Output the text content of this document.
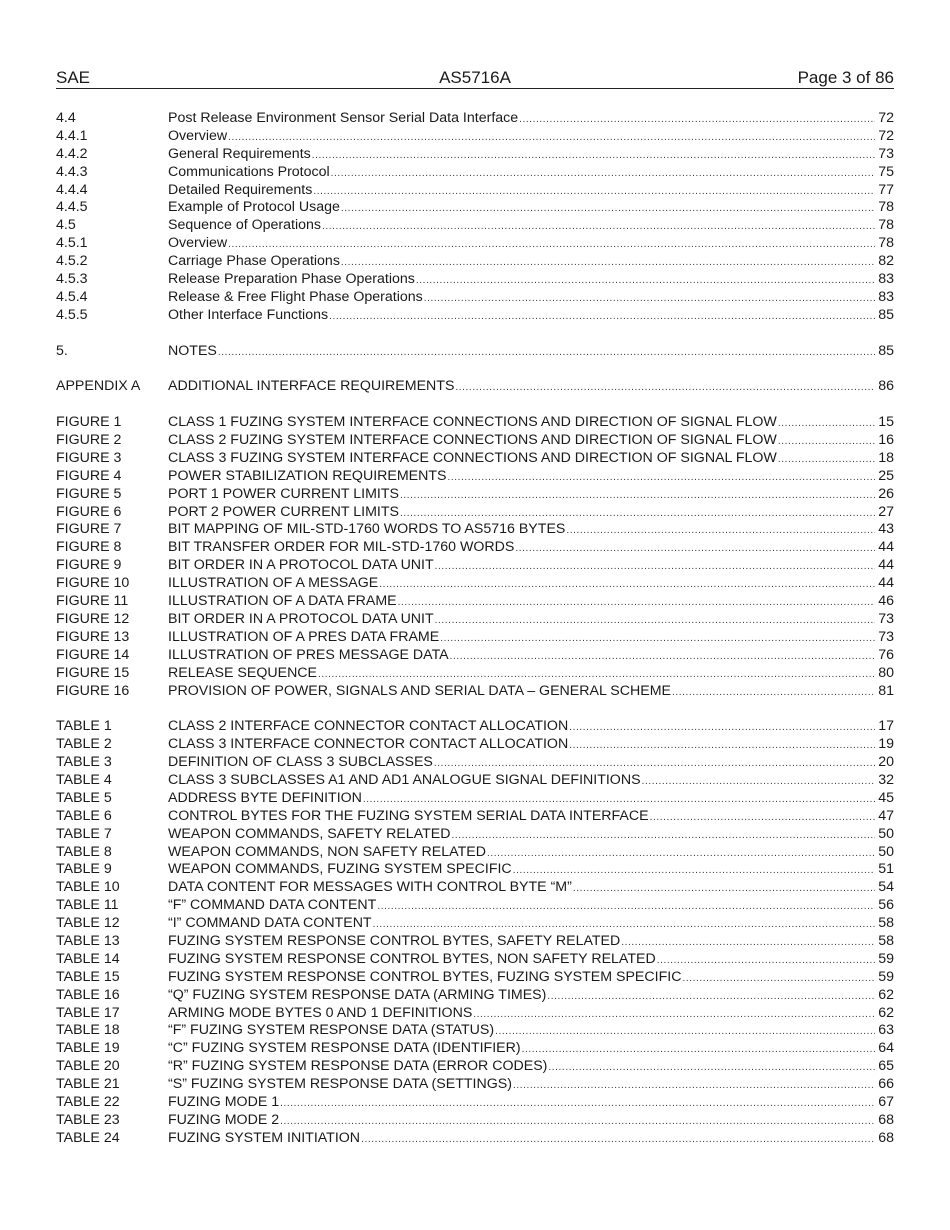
SAE	AS5716A	Page 3 of 86
4.4	Post Release Environment Sensor Serial Data Interface .....	72
4.4.1	Overview .....	72
4.4.2	General Requirements .....	73
4.4.3	Communications Protocol .....	75
4.4.4	Detailed Requirements .....	77
4.4.5	Example of Protocol Usage .....	78
4.5	Sequence of Operations .....	78
4.5.1	Overview .....	78
4.5.2	Carriage Phase Operations .....	82
4.5.3	Release Preparation Phase Operations .....	83
4.5.4	Release & Free Flight Phase Operations .....	83
4.5.5	Other Interface Functions .....	85
5.	NOTES .....	85
APPENDIX A	ADDITIONAL INTERFACE REQUIREMENTS .....	86
FIGURE 1	CLASS 1 FUZING SYSTEM INTERFACE CONNECTIONS AND DIRECTION OF SIGNAL FLOW .....	15
FIGURE 2	CLASS 2 FUZING SYSTEM INTERFACE CONNECTIONS AND DIRECTION OF SIGNAL FLOW .....	16
FIGURE 3	CLASS 3 FUZING SYSTEM INTERFACE CONNECTIONS AND DIRECTION OF SIGNAL FLOW .....	18
FIGURE 4	POWER STABILIZATION REQUIREMENTS .....	25
FIGURE 5	PORT 1 POWER CURRENT LIMITS .....	26
FIGURE 6	PORT 2 POWER CURRENT LIMITS .....	27
FIGURE 7	BIT MAPPING OF MIL-STD-1760 WORDS TO AS5716 BYTES .....	43
FIGURE 8	BIT TRANSFER ORDER FOR MIL-STD-1760 WORDS .....	44
FIGURE 9	BIT ORDER IN A PROTOCOL DATA UNIT .....	44
FIGURE 10	ILLUSTRATION OF A MESSAGE .....	44
FIGURE 11	ILLUSTRATION OF A DATA FRAME .....	46
FIGURE 12	BIT ORDER IN A PROTOCOL DATA UNIT .....	73
FIGURE 13	ILLUSTRATION OF A PRES DATA FRAME .....	73
FIGURE 14	ILLUSTRATION OF PRES MESSAGE DATA .....	76
FIGURE 15	RELEASE SEQUENCE .....	80
FIGURE 16	PROVISION OF POWER, SIGNALS AND SERIAL DATA – GENERAL SCHEME .....	81
TABLE 1	CLASS 2 INTERFACE CONNECTOR CONTACT ALLOCATION .....	17
TABLE 2	CLASS 3 INTERFACE CONNECTOR CONTACT ALLOCATION .....	19
TABLE 3	DEFINITION OF CLASS 3 SUBCLASSES .....	20
TABLE 4	CLASS 3 SUBCLASSES A1 AND AD1 ANALOGUE SIGNAL DEFINITIONS .....	32
TABLE 5	ADDRESS BYTE DEFINITION .....	45
TABLE 6	CONTROL BYTES FOR THE FUZING SYSTEM SERIAL DATA INTERFACE .....	47
TABLE 7	WEAPON COMMANDS, SAFETY RELATED .....	50
TABLE 8	WEAPON COMMANDS, NON SAFETY RELATED .....	50
TABLE 9	WEAPON COMMANDS, FUZING SYSTEM SPECIFIC .....	51
TABLE 10	DATA CONTENT FOR MESSAGES WITH CONTROL BYTE “M” .....	54
TABLE 11	“F” COMMAND DATA CONTENT .....	56
TABLE 12	“I” COMMAND DATA CONTENT .....	58
TABLE 13	FUZING SYSTEM RESPONSE CONTROL BYTES, SAFETY RELATED .....	58
TABLE 14	FUZING SYSTEM RESPONSE CONTROL BYTES, NON SAFETY RELATED .....	59
TABLE 15	FUZING SYSTEM RESPONSE CONTROL BYTES, FUZING SYSTEM SPECIFIC .....	59
TABLE 16	“Q” FUZING SYSTEM RESPONSE DATA (ARMING TIMES) .....	62
TABLE 17	ARMING MODE BYTES 0 AND 1 DEFINITIONS .....	62
TABLE 18	“F” FUZING SYSTEM RESPONSE DATA (STATUS) .....	63
TABLE 19	“C” FUZING SYSTEM RESPONSE DATA (IDENTIFIER) .....	64
TABLE 20	“R” FUZING SYSTEM RESPONSE DATA (ERROR CODES) .....	65
TABLE 21	“S” FUZING SYSTEM RESPONSE DATA (SETTINGS) .....	66
TABLE 22	FUZING MODE 1 .....	67
TABLE 23	FUZING MODE 2 .....	68
TABLE 24	FUZING SYSTEM INITIATION .....	68
